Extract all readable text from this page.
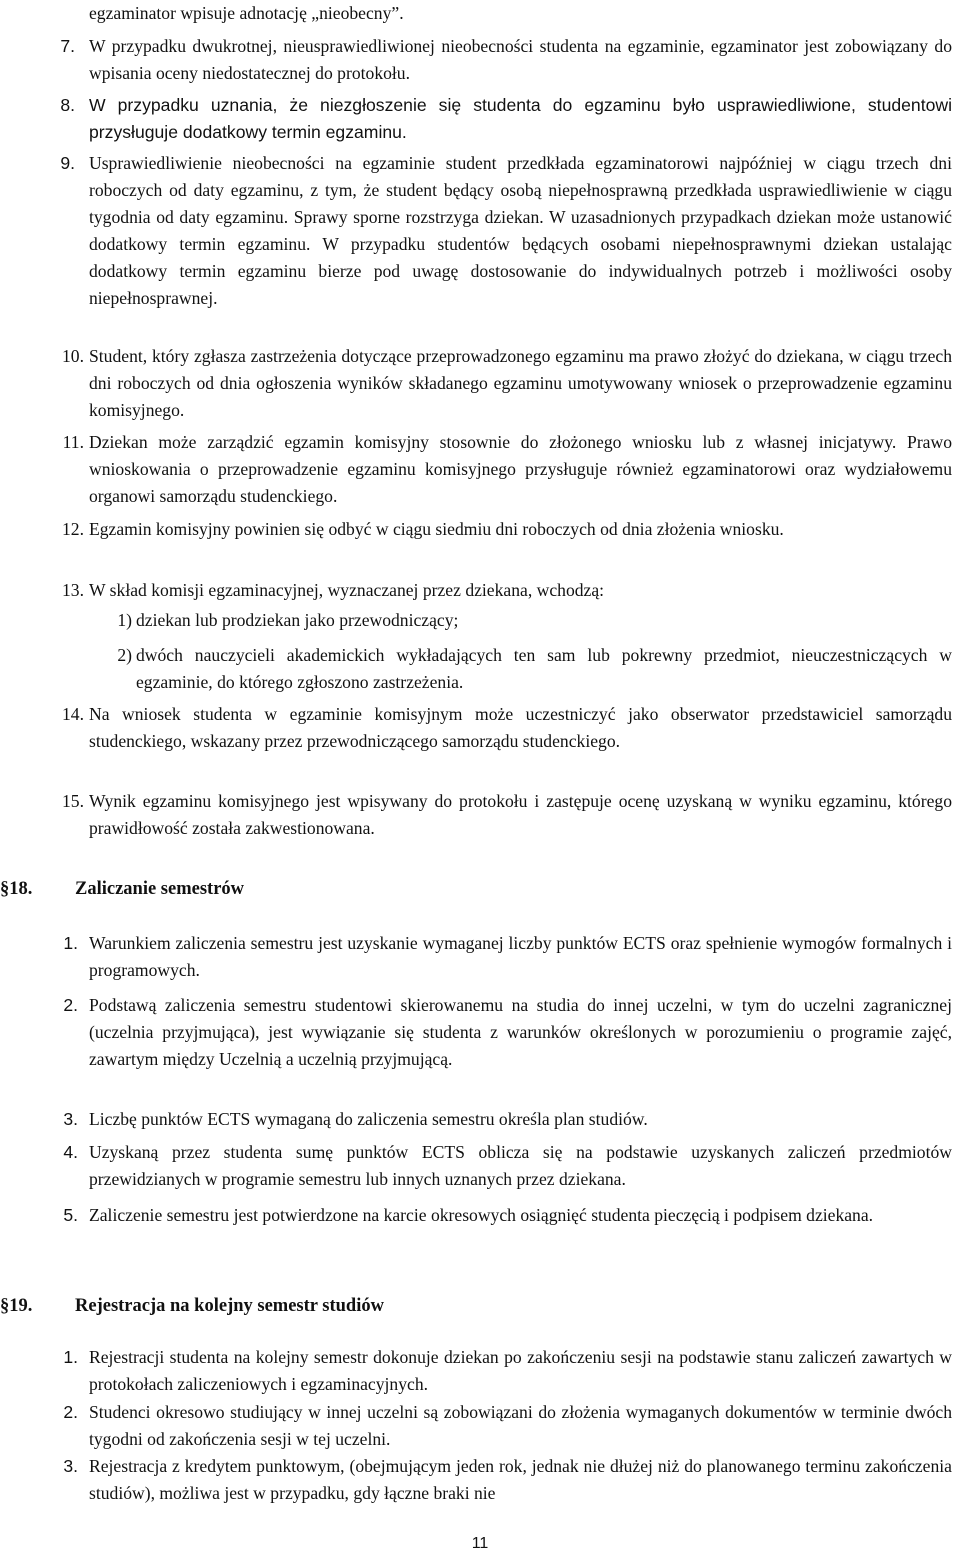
egzaminator wpisuje adnotację „nieobecny”.
7. W przypadku dwukrotnej, nieusprawiedliwionej nieobecności studenta na egzaminie, egzaminator jest zobowiązany do wpisania oceny niedostatecznej do protokołu.
8. W przypadku uznania, że niezgłoszenie się studenta do egzaminu było usprawiedliwione, studentowi przysługuje dodatkowy termin egzaminu.
9. Usprawiedliwienie nieobecności na egzaminie student przedkłada egzaminatorowi najpóźniej w ciągu trzech dni roboczych od daty egzaminu, z tym, że student będący osobą niepełnosprawną przedkłada usprawiedliwienie w ciągu tygodnia od daty egzaminu. Sprawy sporne rozstrzyga dziekan. W uzasadnionych przypadkach dziekan może ustanowić dodatkowy termin egzaminu. W przypadku studentów będących osobami niepełnosprawnymi dziekan ustalając dodatkowy termin egzaminu bierze pod uwagę dostosowanie do indywidualnych potrzeb i możliwości osoby niepełnosprawnej.
10. Student, który zgłasza zastrzeżenia dotyczące przeprowadzonego egzaminu ma prawo złożyć do dziekana, w ciągu trzech dni roboczych od dnia ogłoszenia wyników składanego egzaminu umotywowany wniosek o przeprowadzenie egzaminu komisyjnego.
11. Dziekan może zarządzić egzamin komisyjny stosownie do złożonego wniosku lub z własnej inicjatywy. Prawo wnioskowania o przeprowadzenie egzaminu komisyjnego przysługuje również egzaminatorowi oraz wydziałowemu organowi samorządu studenckiego.
12. Egzamin komisyjny powinien się odbyć w ciągu siedmiu dni roboczych od dnia złożenia wniosku.
13. W skład komisji egzaminacyjnej, wyznaczanej przez dziekana, wchodzą:
1) dziekan lub prodziekan jako przewodniczący;
2) dwóch nauczycieli akademickich wykładających ten sam lub pokrewny przedmiot, nieuczestniczących w egzaminie, do którego zgłoszono zastrzeżenia.
14. Na wniosek studenta w egzaminie komisyjnym może uczestniczyć jako obserwator przedstawiciel samorządu studenckiego, wskazany przez przewodniczącego samorządu studenckiego.
15. Wynik egzaminu komisyjnego jest wpisywany do protokołu i zastępuje ocenę uzyskaną w wyniku egzaminu, którego prawidłowość została zakwestionowana.
§18. Zaliczanie semestrów
1. Warunkiem zaliczenia semestru jest uzyskanie wymaganej liczby punktów ECTS oraz spełnienie wymogów formalnych i programowych.
2. Podstawą zaliczenia semestru studentowi skierowanemu na studia do innej uczelni, w tym do uczelni zagranicznej (uczelnia przyjmująca), jest wywiązanie się studenta z warunków określonych w porozumieniu o programie zajęć, zawartym między Uczelnią a uczelnią przyjmującą.
3. Liczbę punktów ECTS wymaganą do zaliczenia semestru określa plan studiów.
4. Uzyskaną przez studenta sumę punktów ECTS oblicza się na podstawie uzyskanych zaliczeń przedmiotów przewidzianych w programie semestru lub innych uznanych przez dziekana.
5. Zaliczenie semestru jest potwierdzone na karcie okresowych osiągnięć studenta pieczęcią i podpisem dziekana.
§19. Rejestracja na kolejny semestr studiów
1. Rejestracji studenta na kolejny semestr dokonuje dziekan po zakończeniu sesji na podstawie stanu zaliczeń zawartych w protokołach zaliczeniowych i egzaminacyjnych.
2. Studenci okresowo studiujący w innej uczelni są zobowiązani do złożenia wymaganych dokumentów w terminie dwóch tygodni od zakończenia sesji w tej uczelni.
3. Rejestracja z kredytem punktowym, (obejmującym jeden rok, jednak nie dłużej niż do planowanego terminu zakończenia studiów), możliwa jest w przypadku, gdy łączne braki nie
11
